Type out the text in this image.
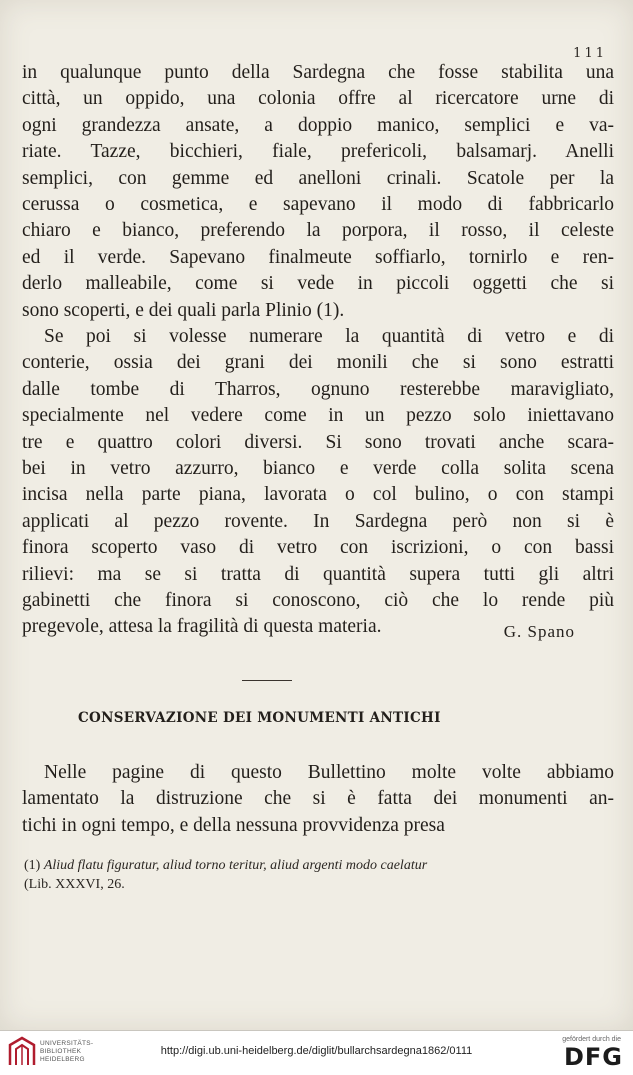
111
in qualunque punto della Sardegna che fosse stabilita una
città, un oppido, una colonia offre al ricercatore urne di
ogni grandezza ansate, a doppio manico, semplici e va-
riate. Tazze, bicchieri, fiale, prefericoli, balsamarj. Anelli
semplici, con gemme ed anelloni crinali. Scatole per la
cerussa o cosmetica, e sapevano il modo di fabbricarlo
chiaro e bianco, preferendo la porpora, il rosso, il celeste
ed il verde. Sapevano finalmeute soffiarlo, tornirlo e ren-
derlo malleabile, come si vede in piccoli oggetti che si
sono scoperti, e dei quali parla Plinio (1).
Se poi si volesse numerare la quantità di vetro e di
conterie, ossia dei grani dei monili che si sono estratti
dalle tombe di Tharros, ognuno resterebbe maravigliato,
specialmente nel vedere come in un pezzo solo iniettavano
tre e quattro colori diversi. Si sono trovati anche scara-
bei in vetro azzurro, bianco e verde colla solita scena
incisa nella parte piana, lavorata o col bulino, o con stampi
applicati al pezzo rovente. In Sardegna però non si è
finora scoperto vaso di vetro con iscrizioni, o con bassi
rilievi: ma se si tratta di quantità supera tutti gli altri
gabinetti che finora si conoscono, ciò che lo rende più
pregevole, attesa la fragilità di questa materia.	G. Spano
CONSERVAZIONE DEI MONUMENTI ANTICHI
Nelle pagine di questo Bullettino molte volte abbiamo
lamentato la distruzione che si è fatta dei monumenti an-
tichi in ogni tempo, e della nessuna provvidenza presa
(1) Aliud flatu figuratur, aliud torno teritur, aliud argenti modo caelatur
(Lib. XXXVI, 26.
UNIVERSITÄTS-
BIBLIOTHEK
HEIDELBERG
http://digi.ub.uni-heidelberg.de/diglit/bullarchsardegna1862/0111
gefördert durch die
DFG
